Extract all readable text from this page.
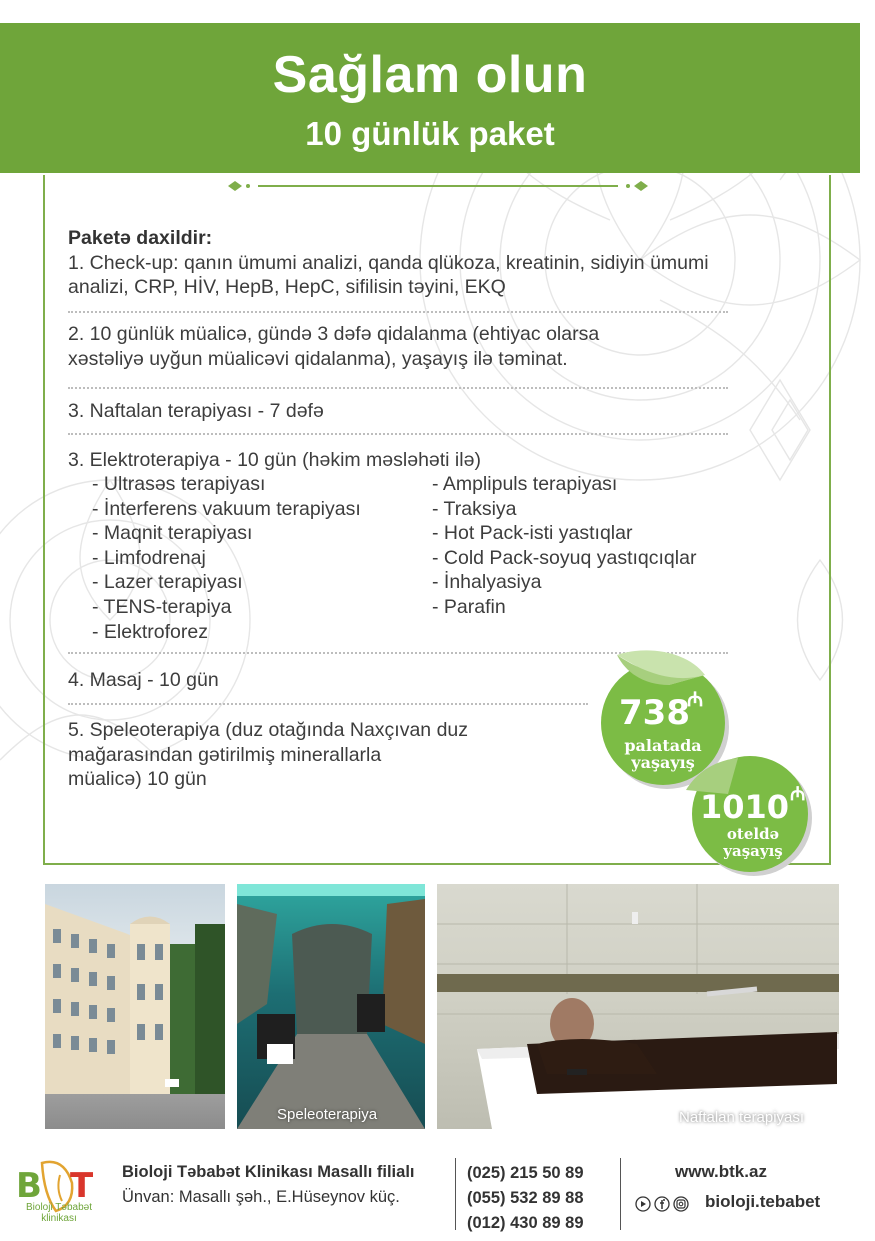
Sağlam olun
10 günlük paket
Paketə daxildir:
1. Check-up: qanın ümumi analizi, qanda qlükoza, kreatinin, sidiyin ümumi analizi, CRP, HİV, HepB, HepC, sifilisin təyini, EKQ
2. 10 günlük müalicə, gündə 3 dəfə qidalanma (ehtiyac olarsa
xəstəliyə uyğun müalicəvi qidalanma), yaşayış ilə təminat.
3. Naftalan terapiyası - 7 dəfə
3. Elektroterapiya - 10 gün (həkim məsləhəti ilə)
- Ultrasəs terapiyası
- İnterferens vakuum terapiyası
- Maqnit terapiyası
- Limfodrenaj
- Lazer terapiyası
- TENS-terapiya
- Elektroforez
- Amplipuls terapiyası
- Traksiya
- Hot Pack-isti yastıqlar
- Cold Pack-soyuq yastıqcıqlar
- İnhalyasiya
- Parafin
4. Masaj - 10 gün
5. Speleoterapiya (duz otağında Naxçıvan duz
mağarasından gətirilmiş minerallarla
müalicə) 10 gün
738
₼
palatada
yaşayış
1010 ₼
oteldə
yaşayış
Speleoterapiya	Naftalan terapiyası
B T
Bioloji Təbabət
klinikası
Bioloji Təbabət Klinikası Masallı filialı
Ünvan: Masallı şəh., E.Hüseynov küç.
(025) 215 50 89
(055) 532 89 88
(012) 430 89 89
www.btk.az
bioloji.tebabet
